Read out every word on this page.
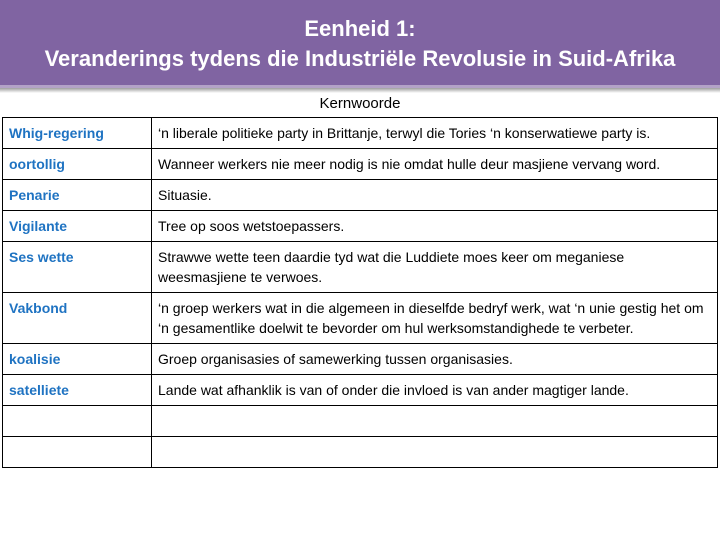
Eenheid 1:
Veranderings tydens die Industriële Revolusie in Suid-Afrika
Kernwoorde
Whig-regering	‘n liberale politieke party in Brittanje, terwyl die Tories ‘n konserwatiewe party is.
oortollig	Wanneer werkers nie meer nodig is nie omdat hulle deur masjiene vervang word.
Penarie	Situasie.
Vigilante	Tree op soos wetstoepassers.
Ses wette	Strawwe wette teen daardie tyd wat die Luddiete moes keer om meganiese weesmasjiene te verwoes.
Vakbond	‘n groep werkers wat in die algemeen in dieselfde bedryf werk, wat ‘n unie gestig het om ‘n gesamentlike doelwit te bevorder om hul werksomstandighede te verbeter.
koalisie	Groep organisasies of samewerking tussen organisasies.
satelliete	Lande wat afhanklik is van of onder die invloed is van ander magtiger lande.
